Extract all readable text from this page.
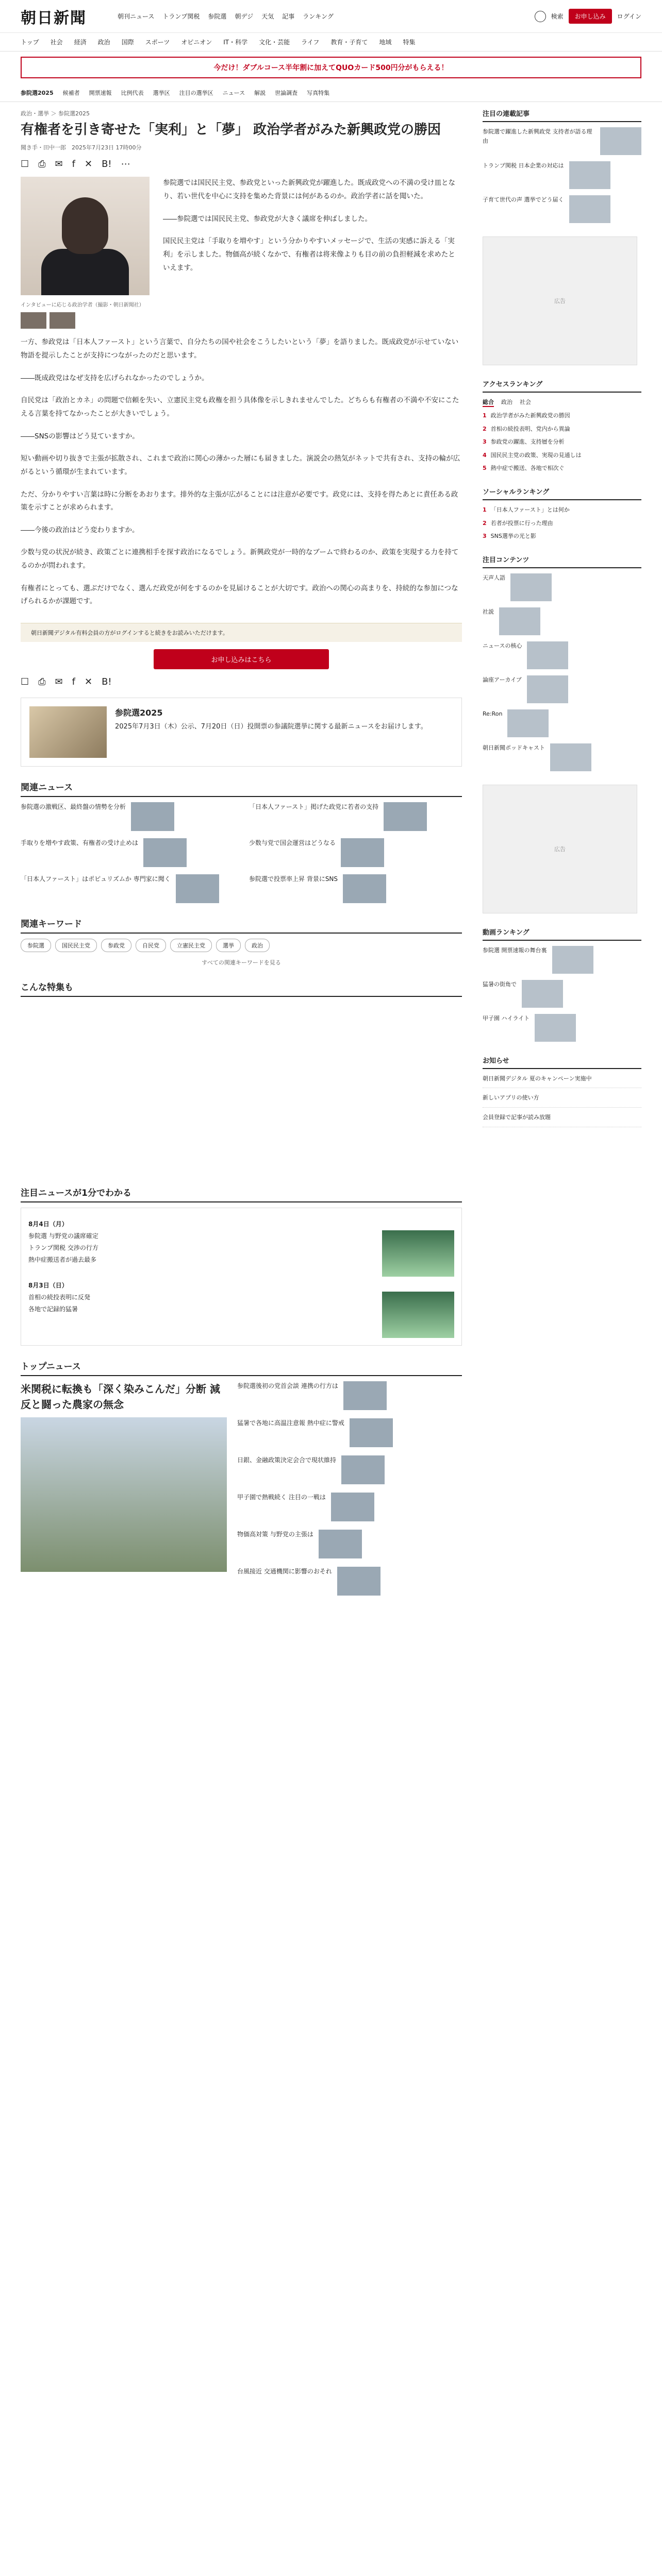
朝日新聞	朝刊ニュース トランプ関税 参院選 朝デジ 天気 記事 ランキング	検索	お申し込み	ログイン
トップ	社会	経済	政治	国際	スポーツ	オピニオン	IT・科学	文化・芸能	ライフ	教育・子育て	地域	特集
今だけ！ダブルコース半年割に加えてQUOカード500円分がもらえる！
参院選2025 候補者 開票速報 比例代表 選挙区 注目の選挙区 ニュース 解説 世論調査 写真特集
政治・選挙 ＞ 参院選2025
有権者を引き寄せた「実利」と「夢」 政治学者がみた新興政党の勝因
聞き手・田中一郎　2025年7月23日 17時00分
☐ ⎙ ✉ f ✕ B! ⋯

参院選では国民民主党、参政党といった新興政党が躍進した。既成政党への不満の受け皿となり、若い世代を中心に支持を集めた背景には何があるのか。政治学者に話を聞いた。

――参院選では国民民主党、参政党が大きく議席を伸ばしました。

国民民主党は「手取りを増やす」という分かりやすいメッセージで、生活の実感に訴える「実利」を示しました。物価高が続くなかで、有権者は将来像よりも目の前の負担軽減を求めたといえます。

インタビューに応じる政治学者（撮影・朝日新聞社）

一方、参政党は「日本人ファースト」という言葉で、自分たちの国や社会をこうしたいという「夢」を語りました。既成政党が示せていない物語を提示したことが支持につながったのだと思います。

――既成政党はなぜ支持を広げられなかったのでしょうか。

自民党は「政治とカネ」の問題で信頼を失い、立憲民主党も政権を担う具体像を示しきれませんでした。どちらも有権者の不満や不安にこたえる言葉を持てなかったことが大きいでしょう。

――SNSの影響はどう見ていますか。

短い動画や切り抜きで主張が拡散され、これまで政治に関心の薄かった層にも届きました。演説会の熱気がネットで共有され、支持の輪が広がるという循環が生まれています。

ただ、分かりやすい言葉は時に分断をあおります。排外的な主張が広がることには注意が必要です。政党には、支持を得たあとに責任ある政策を示すことが求められます。

――今後の政治はどう変わりますか。

少数与党の状況が続き、政策ごとに連携相手を探す政治になるでしょう。新興政党が一時的なブームで終わるのか、政策を実現する力を持てるのかが問われます。

有権者にとっても、選ぶだけでなく、選んだ政党が何をするのかを見届けることが大切です。政治への関心の高まりを、持続的な参加につなげられるかが課題です。

朝日新聞デジタル有料会員の方がログインすると続きをお読みいただけます。
お申し込みはこちら
☐ ⎙ ✉ f ✕ B!
参院選2025

2025年7月3日（木）公示、7月20日（日）投開票の参議院選挙に関する最新ニュースをお届けします。

関連ニュース
参院選の激戦区、最終盤の情勢を分析	「日本人ファースト」掲げた政党に若者の支持
手取りを増やす政策、有権者の受け止めは	少数与党で国会運営はどうなる
「日本人ファースト」はポピュリズムか 専門家に聞く	参院選で投票率上昇 背景にSNS
関連キーワード
参院選	国民民主党	参政党	自民党	立憲民主党	選挙	政治
すべての関連キーワードを見る
こんな特集も
注目ニュースが1分でわかる
8月4日（月）
参院選 与野党の議席確定
トランプ関税 交渉の行方
熱中症搬送者が過去最多
8月3日（日）
首相の続投表明に反発
各地で記録的猛暑
トップニュース
米関税に転換も「深く染みこんだ」分断 減反と闘った農家の無念
参院選後初の党首会談 連携の行方は
猛暑で各地に高温注意報 熱中症に警戒
日銀、金融政策決定会合で現状維持
甲子園で熱戦続く 注目の一戦は
物価高対策 与野党の主張は
台風接近 交通機関に影響のおそれ
注目の連載記事
参院選で躍進した新興政党 支持者が語る理由
トランプ関税 日本企業の対応は
子育て世代の声 選挙でどう届く
広告
アクセスランキング
総合 政治 社会
1 政治学者がみた新興政党の勝因
2 首相の続投表明、党内から異論
3 参政党の躍進、支持層を分析
4 国民民主党の政策、実現の見通しは
5 熱中症で搬送、各地で相次ぐ
ソーシャルランキング
1 「日本人ファースト」とは何か
2 若者が投票に行った理由
3 SNS選挙の光と影
注目コンテンツ
天声人語
社説
ニュースの核心
論座アーカイブ
Re:Ron
朝日新聞ポッドキャスト
広告
動画ランキング
参院選 開票速報の舞台裏
猛暑の街角で
甲子園 ハイライト
お知らせ
朝日新聞デジタル 夏のキャンペーン実施中
新しいアプリの使い方
会員登録で記事が読み放題
